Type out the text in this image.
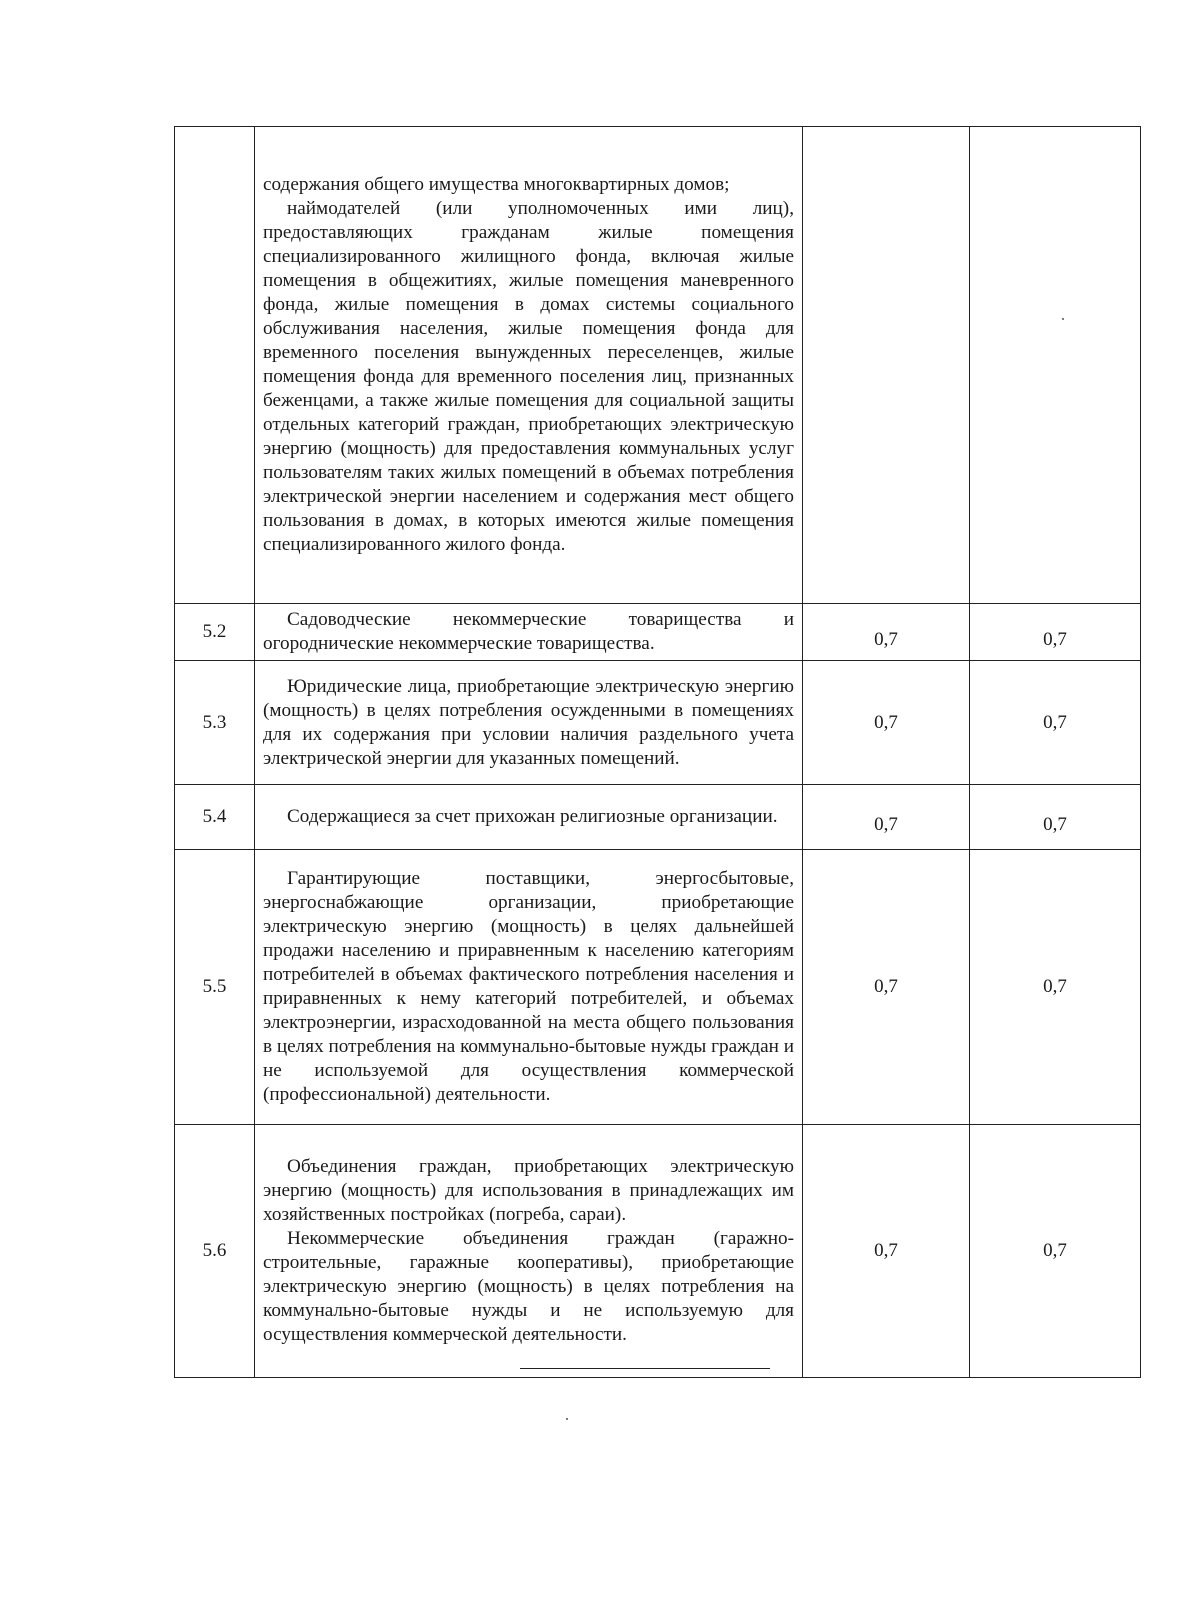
	содержания общего имущества многоквартирных домов;

наймодателей (или уполномоченных ими лиц), предоставляющих гражданам жилые помещения специализированного жилищного фонда, включая жилые помещения в общежитиях, жилые помещения маневренного фонда, жилые помещения в домах системы социального обслуживания населения, жилые помещения фонда для временного поселения вынужденных переселенцев, жилые помещения фонда для временного поселения лиц, признанных беженцами, а также жилые помещения для социальной защиты отдельных категорий граждан, приобретающих электрическую энергию (мощность) для предоставления коммунальных услуг пользователям таких жилых помещений в объемах потребления электрической энергии населением и содержания мест общего пользования в домах, в которых имеются жилые помещения специализированного жилого фонда.		

5.2	Садоводческие некоммерческие товарищества и огороднические некоммерческие товарищества.	0,7	0,7
5.3	Юридические лица, приобретающие электрическую энергию (мощность) в целях потребления осужденными в помещениях для их содержания при условии наличия раздельного учета электрической энергии для указанных помещений.	0,7	0,7
5.4	Содержащиеся за счет прихожан религиозные организации.	0,7	0,7
5.5	Гарантирующие поставщики, энергосбытовые, энергоснабжающие организации, приобретающие электрическую энергию (мощность) в целях дальнейшей продажи населению и приравненным к населению категориям потребителей в объемах фактического потребления населения и приравненных к нему категорий потребителей, и объемах электроэнергии, израсходованной на места общего пользования в целях потребления на коммунально-бытовые нужды граждан и не используемой для осуществления коммерческой (профессиональной) деятельности.	0,7	0,7
5.6	Объединения граждан, приобретающих электрическую энергию (мощность) для использования в принадлежащих им хозяйственных постройках (погреба, сараи).

Некоммерческие объединения граждан (гаражно-строительные, гаражные кооперативы), приобретающие электрическую энергию (мощность) в целях потребления на коммунально-бытовые нужды и не используемую для осуществления коммерческой деятельности.	0,7	0,7
